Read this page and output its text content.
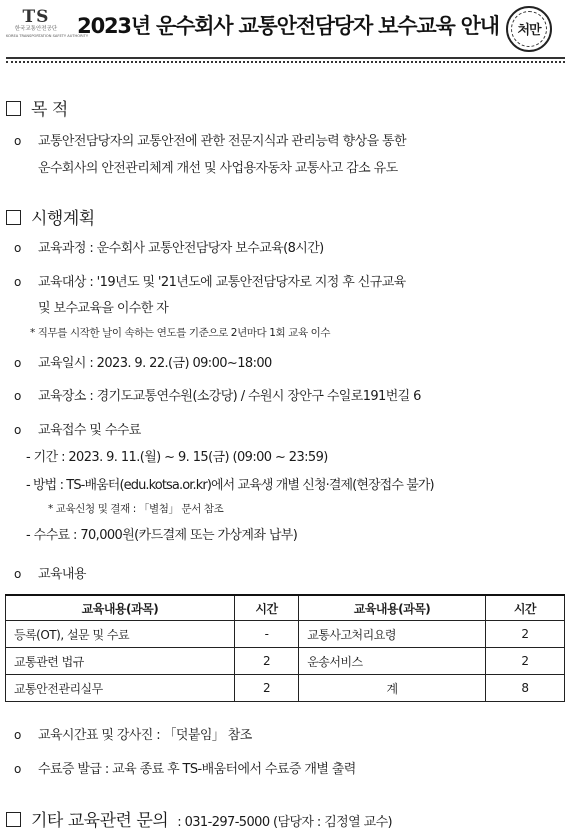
TS
한국교통안전공단
KOREA TRANSPORTATION SAFETY AUTHORITY
2023년 운수회사 교통안전담당자 보수교육 안내	처만
목 적
o 교통안전담당자의 교통안전에 관한 전문지식과 관리능력 향상을 통한
운수회사의 안전관리체계 개선 및 사업용자동차 교통사고 감소 유도
시행계획
o 교육과정 : 운수회사 교통안전담당자 보수교육(8시간)
o 교육대상 : '19년도 및 '21년도에 교통안전담당자로 지정 후 신규교육
및 보수교육을 이수한 자
* 직무를 시작한 날이 속하는 연도를 기준으로 2년마다 1회 교육 이수
o 교육일시 : 2023. 9. 22.(금) 09:00~18:00
o 교육장소 : 경기도교통연수원(소강당) / 수원시 장안구 수일로191번길 6
o 교육접수 및 수수료
- 기간 : 2023. 9. 11.(월) ~ 9. 15(금) (09:00 ~ 23:59)
- 방법 : TS-배움터(edu.kotsa.or.kr)에서 교육생 개별 신청·결제(현장접수 불가)
* 교육신청 및 결재 : 「별첨」 문서 참조
- 수수료 : 70,000원(카드결제 또는 가상계좌 납부)
o 교육내용
교육내용(과목)	시간	교육내용(과목)	시간
등록(OT), 설문 및 수료	-	교통사고처리요령	2
교통관련 법규	2	운송서비스	2
교통안전관리실무	2	계	8
o 교육시간표 및 강사진 : 「덧붙임」 참조
o 수료증 발급 : 교육 종료 후 TS-배움터에서 수료증 개별 출력
기타 교육관련 문의 : 031-297-5000 (담당자 : 김정열 교수)
